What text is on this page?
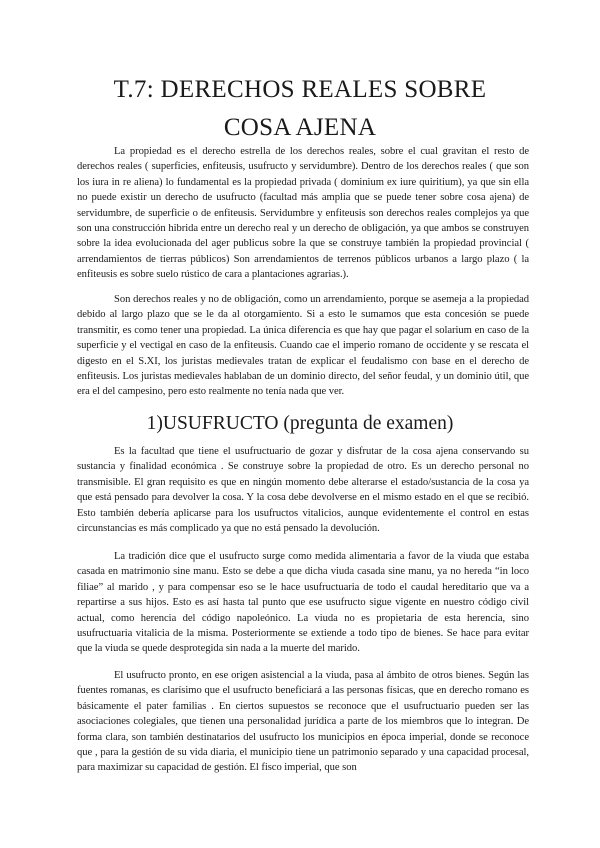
T.7: DERECHOS REALES SOBRE
COSA AJENA

La propiedad es el derecho estrella de los derechos reales, sobre el cual gravitan el resto de derechos reales ( superficies, enfiteusis, usufructo y servidumbre). Dentro de los derechos reales ( que son los iura in re aliena) lo fundamental es la propiedad privada ( dominium ex iure quiritium), ya que sin ella no puede existir un derecho de usufructo (facultad más amplia que se puede tener sobre cosa ajena) de servidumbre, de superficie o de enfiteusis. Servidumbre y enfiteusis son derechos reales complejos ya que son una construcción hibrida entre un derecho real y un derecho de obligación, ya que ambos se construyen sobre la idea evolucionada del ager publicus sobre la que se construye también la propiedad provincial ( arrendamientos de tierras públicos) Son arrendamientos de terrenos públicos urbanos a largo plazo ( la enfiteusis es sobre suelo rústico de cara a plantaciones agrarias.).

Son derechos reales y no de obligación, como un arrendamiento, porque se asemeja a la propiedad debido al largo plazo que se le da al otorgamiento. Si a esto le sumamos que esta concesión se puede transmitir, es como tener una propiedad. La única diferencia es que hay que pagar el solarium en caso de la superficie y el vectigal en caso de la enfiteusis. Cuando cae el imperio romano de occidente y se rescata el digesto en el S.XI, los juristas medievales tratan de explicar el feudalismo con base en el derecho de enfiteusis. Los juristas medievales hablaban de un dominio directo, del señor feudal, y un dominio útil, que era el del campesino, pero esto realmente no tenía nada que ver.

1)USUFRUCTO (pregunta de examen)

Es la facultad que tiene el usufructuario de gozar y disfrutar de la cosa ajena conservando su sustancia y finalidad económica . Se construye sobre la propiedad de otro. Es un derecho personal no transmisible. El gran requisito es que en ningún momento debe alterarse el estado/sustancia de la cosa ya que está pensado para devolver la cosa. Y la cosa debe devolverse en el mismo estado en el que se recibió. Esto también debería aplicarse para los usufructos vitalicios, aunque evidentemente el control en estas circunstancias es más complicado ya que no está pensado la devolución.

La tradición dice que el usufructo surge como medida alimentaria a favor de la viuda que estaba casada en matrimonio sine manu. Esto se debe a que dicha viuda casada sine manu, ya no hereda “in loco filiae” al marido , y para compensar eso se le hace usufructuaria de todo el caudal hereditario que va a repartirse a sus hijos. Esto es así hasta tal punto que ese usufructo sigue vigente en nuestro código civil actual, como herencia del código napoleónico. La viuda no es propietaria de esta herencia, sino usufructuaria vitalicia de la misma. Posteriormente se extiende a todo tipo de bienes. Se hace para evitar que la viuda se quede desprotegida sin nada a la muerte del marido.

El usufructo pronto, en ese origen asistencial a la viuda, pasa al ámbito de otros bienes. Según las fuentes romanas, es clarísimo que el usufructo beneficiará a las personas físicas, que en derecho romano es básicamente el pater familias . En ciertos supuestos se reconoce que el usufructuario pueden ser las asociaciones colegiales, que tienen una personalidad jurídica a parte de los miembros que lo integran. De forma clara, son también destinatarios del usufructo los municipios en época imperial, donde se reconoce que , para la gestión de su vida diaria, el municipio tiene un patrimonio separado y una capacidad procesal, para maximizar su capacidad de gestión. El fisco imperial, que son
